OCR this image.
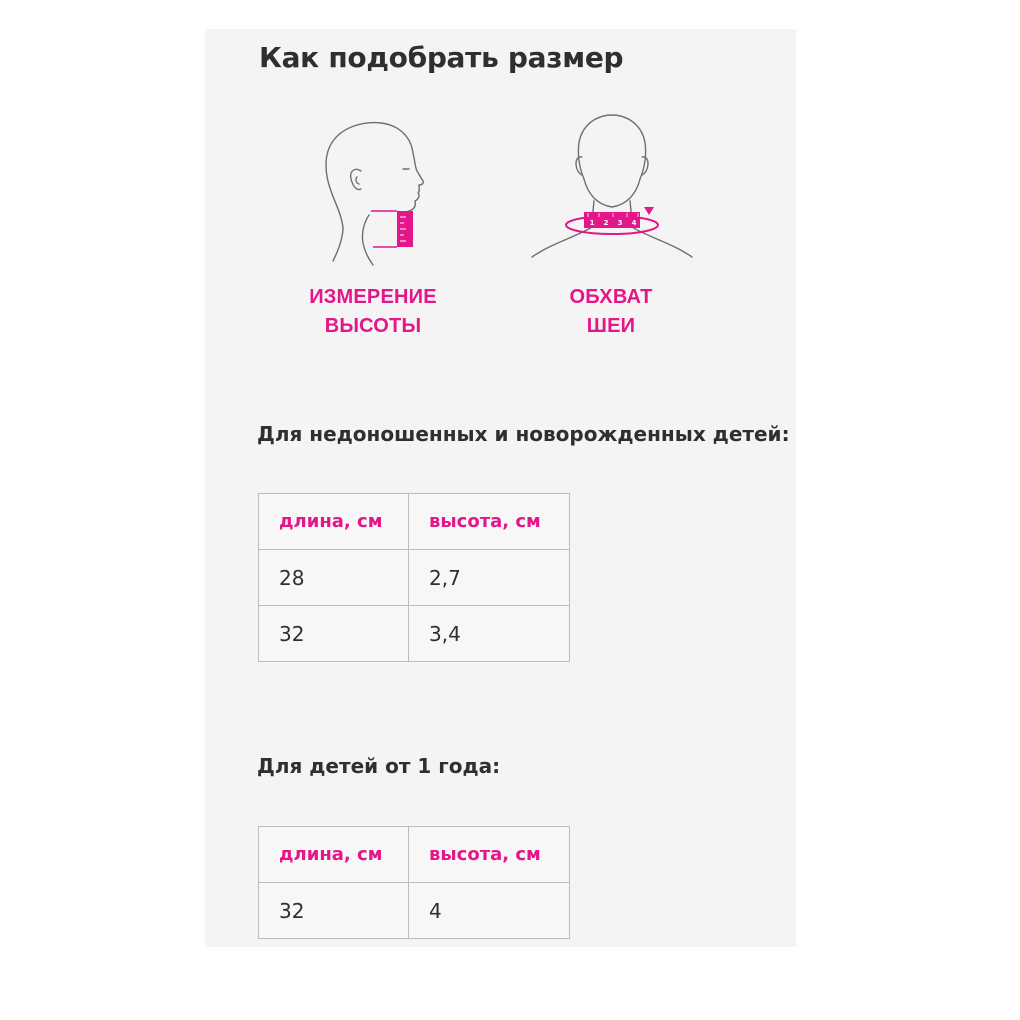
Как подобрать размер
ИЗМЕРЕНИЕ
ВЫСОТЫ
1 2 3 4
ОБХВАТ
ШЕИ
Для недоношенных и новорожденных детей:
длина, см	высота, см
28	2,7
32	3,4
Для детей от 1 года:
длина, см	высота, см
32	4
